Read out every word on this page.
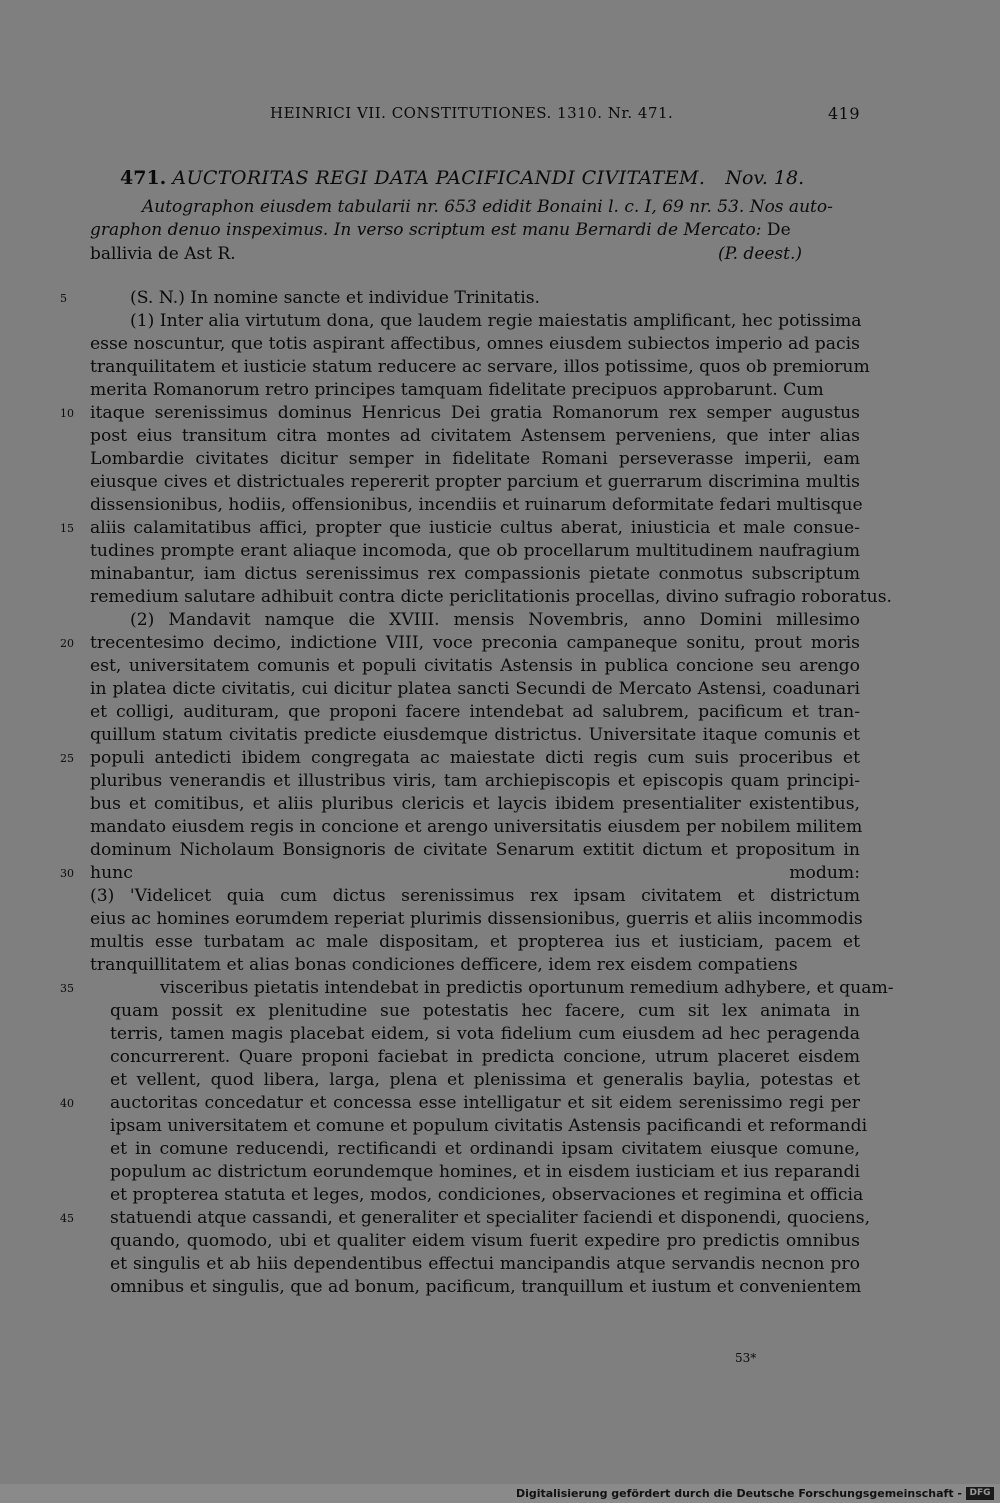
HEINRICI VII. CONSTITUTIONES. 1310. Nr. 471.	419
471. AUCTORITAS REGI DATA PACIFICANDI CIVITATEM. Nov. 18.
Autographon eiusdem tabularii nr. 653 edidit Bonaini l. c. I, 69 nr. 53. Nos auto-
graphon denuo inspeximus. In verso scriptum est manu Bernardi de Mercato: De
ballivia de Ast R.	(P. deest.)
(S. N.) In nomine sancte et individue Trinitatis.
5
(1) Inter alia virtutum dona, que laudem regie maiestatis amplificant, hec potissima
esse noscuntur, que totis aspirant affectibus, omnes eiusdem subiectos imperio ad pacis
tranquilitatem et iusticie statum reducere ac servare, illos potissime, quos ob premiorum
merita Romanorum retro principes tamquam fidelitate precipuos approbarunt. Cum
itaque serenissimus dominus Henricus Dei gratia Romanorum rex semper augustus
10
post eius transitum citra montes ad civitatem Astensem perveniens, que inter alias
Lombardie civitates dicitur semper in fidelitate Romani perseverasse imperii, eam
eiusque cives et districtuales repererit propter parcium et guerrarum discrimina multis
dissensionibus, hodiis, offensionibus, incendiis et ruinarum deformitate fedari multisque
aliis calamitatibus affici, propter que iusticie cultus aberat, iniusticia et male consue-
15
tudines prompte erant aliaque incomoda, que ob procellarum multitudinem naufragium
minabantur, iam dictus serenissimus rex compassionis pietate conmotus subscriptum
remedium salutare adhibuit contra dicte periclitationis procellas, divino sufragio roboratus.
(2) Mandavit namque die XVIII. mensis Novembris, anno Domini millesimo
trecentesimo decimo, indictione VIII, voce preconia campaneque sonitu, prout moris
20
est, universitatem comunis et populi civitatis Astensis in publica concione seu arengo
in platea dicte civitatis, cui dicitur platea sancti Secundi de Mercato Astensi, coadunari
et colligi, audituram, que proponi facere intendebat ad salubrem, pacificum et tran-
quillum statum civitatis predicte eiusdemque districtus. Universitate itaque comunis et
populi antedicti ibidem congregata ac maiestate dicti regis cum suis proceribus et
25
pluribus venerandis et illustribus viris, tam archiepiscopis et episcopis quam principi-
bus et comitibus, et aliis pluribus clericis et laycis ibidem presentialiter existentibus,
mandato eiusdem regis in concione et arengo universitatis eiusdem per nobilem militem
dominum Nicholaum Bonsignoris de civitate Senarum extitit dictum et propositum in
hunc modum:
30
(3) 'Videlicet quia cum dictus serenissimus rex ipsam civitatem et districtum
eius ac homines eorumdem reperiat plurimis dissensionibus, guerris et aliis incommodis
multis esse turbatam ac male dispositam, et propterea ius et iusticiam, pacem et
tranquillitatem et alias bonas condiciones defficere, idem rex eisdem compatiens
visceribus pietatis intendebat in predictis oportunum remedium adhybere, et quam-
35
quam possit ex plenitudine sue potestatis hec facere, cum sit lex animata in
terris, tamen magis placebat eidem, si vota fidelium cum eiusdem ad hec peragenda
concurrerent. Quare proponi faciebat in predicta concione, utrum placeret eisdem
et vellent, quod libera, larga, plena et plenissima et generalis baylia, potestas et
auctoritas concedatur et concessa esse intelligatur et sit eidem serenissimo regi per
40
ipsam universitatem et comune et populum civitatis Astensis pacificandi et reformandi
et in comune reducendi, rectificandi et ordinandi ipsam civitatem eiusque comune,
populum ac districtum eorundemque homines, et in eisdem iusticiam et ius reparandi
et propterea statuta et leges, modos, condiciones, observaciones et regimina et officia
statuendi atque cassandi, et generaliter et specialiter faciendi et disponendi, quociens,
45
quando, quomodo, ubi et qualiter eidem visum fuerit expedire pro predictis omnibus
et singulis et ab hiis dependentibus effectui mancipandis atque servandis necnon pro
omnibus et singulis, que ad bonum, pacificum, tranquillum et iustum et convenientem
53*
Digitalisierung gefördert durch die Deutsche Forschungsgemeinschaft - DFG
